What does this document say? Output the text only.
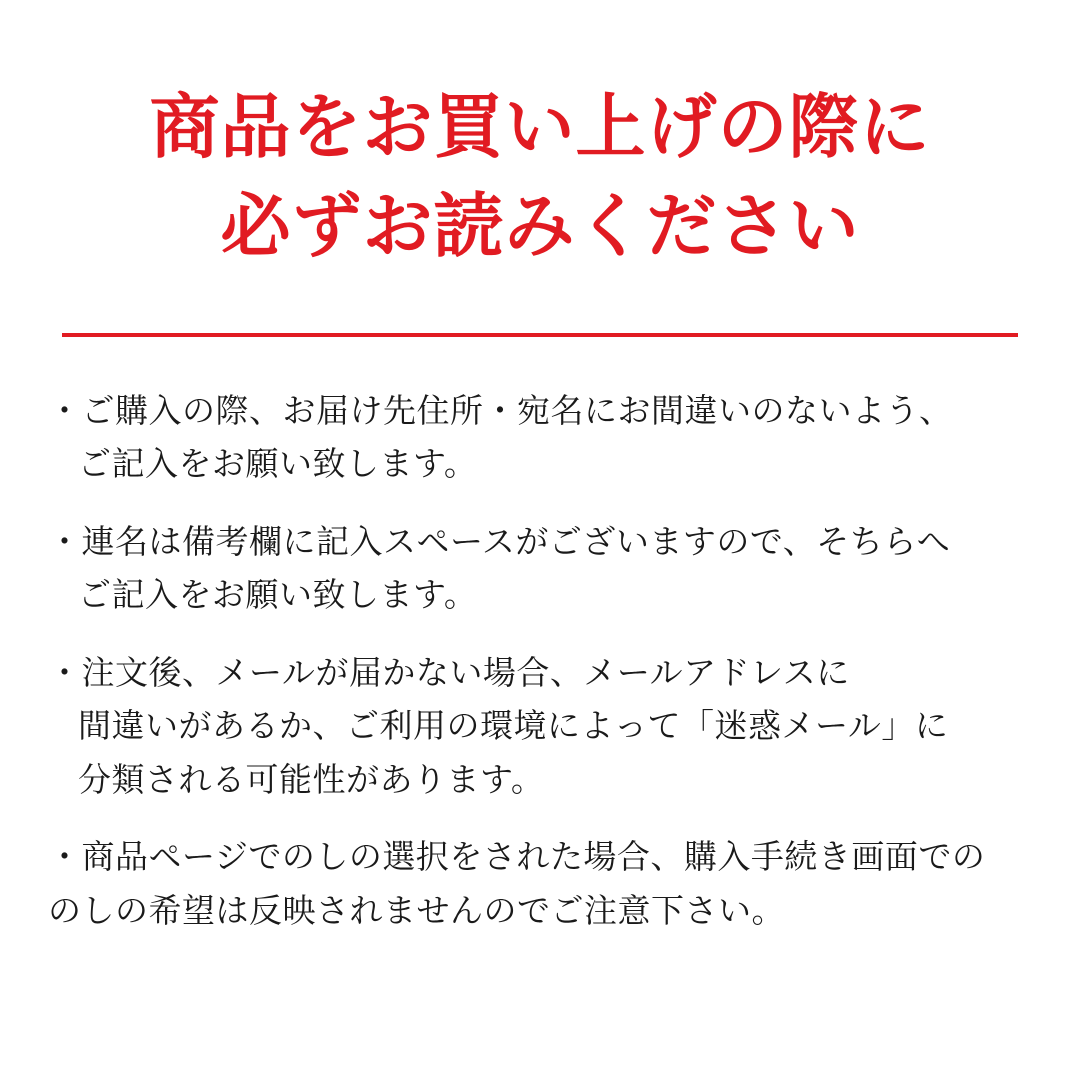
商品をお買い上げの際に
必ずお読みください
・ご購入の際、お届け先住所・宛名にお間違いのないよう、
ご記入をお願い致します。
・連名は備考欄に記入スペースがございますので、そちらへ
ご記入をお願い致します。
・注文後、メールが届かない場合、メールアドレスに
間違いがあるか、ご利用の環境によって「迷惑メール」に
分類される可能性があります。
・商品ページでのしの選択をされた場合、購入手続き画面での
のしの希望は反映されませんのでご注意下さい。
